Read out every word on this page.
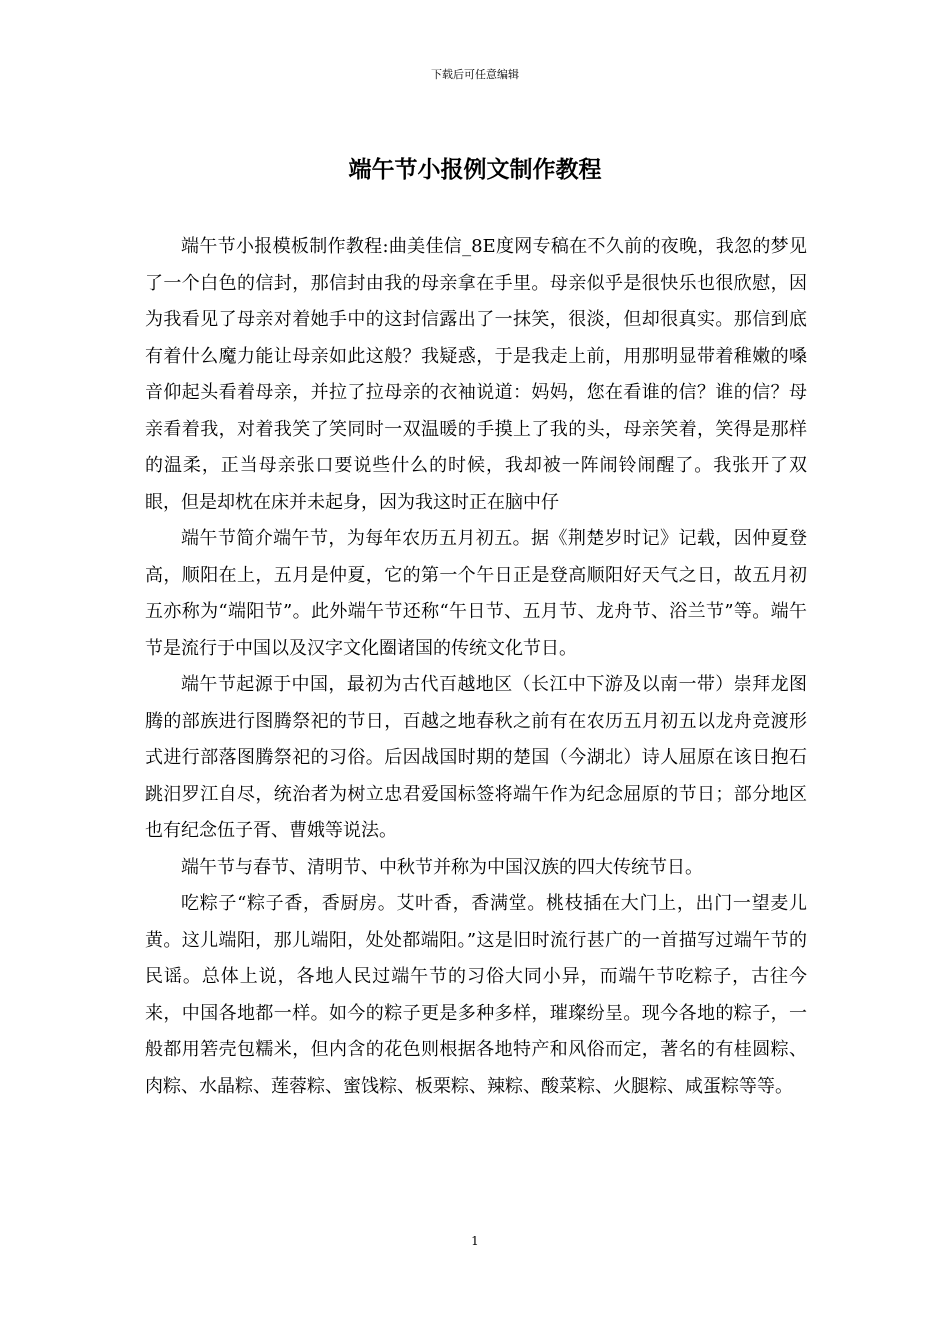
下载后可任意编辑
端午节小报例文制作教程

端午节小报模板制作教程:曲美佳信_8E度网专稿在不久前的夜晚，我忽的梦见了一个白色的信封，那信封由我的母亲拿在手里。母亲似乎是很快乐也很欣慰，因为我看见了母亲对着她手中的这封信露出了一抹笑，很淡，但却很真实。那信到底有着什么魔力能让母亲如此这般？我疑惑，于是我走上前，用那明显带着稚嫩的嗓音仰起头看着母亲，并拉了拉母亲的衣袖说道：妈妈，您在看谁的信？谁的信？母亲看着我，对着我笑了笑同时一双温暖的手摸上了我的头，母亲笑着，笑得是那样的温柔，正当母亲张口要说些什么的时候，我却被一阵闹铃闹醒了。我张开了双眼，但是却枕在床并未起身，因为我这时正在脑中仔

端午节简介端午节，为每年农历五月初五。据《荆楚岁时记》记载，因仲夏登高，顺阳在上，五月是仲夏，它的第一个午日正是登高顺阳好天气之日，故五月初五亦称为“端阳节”。此外端午节还称“午日节、五月节、龙舟节、浴兰节”等。端午节是流行于中国以及汉字文化圈诸国的传统文化节日。

端午节起源于中国，最初为古代百越地区（长江中下游及以南一带）崇拜龙图腾的部族进行图腾祭祀的节日，百越之地春秋之前有在农历五月初五以龙舟竞渡形式进行部落图腾祭祀的习俗。后因战国时期的楚国（今湖北）诗人屈原在该日抱石跳汨罗江自尽，统治者为树立忠君爱国标签将端午作为纪念屈原的节日；部分地区也有纪念伍子胥、曹娥等说法。

端午节与春节、清明节、中秋节并称为中国汉族的四大传统节日。

吃粽子“粽子香，香厨房。艾叶香，香满堂。桃枝插在大门上，出门一望麦儿黄。这儿端阳，那儿端阳，处处都端阳。”这是旧时流行甚广的一首描写过端午节的民谣。总体上说，各地人民过端午节的习俗大同小异，而端午节吃粽子，古往今来，中国各地都一样。如今的粽子更是多种多样，璀璨纷呈。现今各地的粽子，一般都用箬壳包糯米，但内含的花色则根据各地特产和风俗而定，著名的有桂圆粽、肉粽、水晶粽、莲蓉粽、蜜饯粽、板栗粽、辣粽、酸菜粽、火腿粽、咸蛋粽等等。

1
